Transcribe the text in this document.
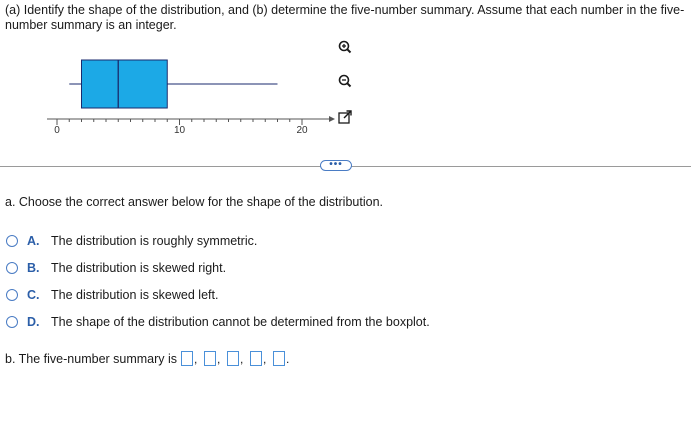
(a) Identify the shape of the distribution, and (b) determine the five-number summary. Assume that each number in the five-number summary is an integer.
0	10	20
•••
a. Choose the correct answer below for the shape of the distribution.
A. The distribution is roughly symmetric.
B. The distribution is skewed right.
C. The distribution is skewed left.
D. The shape of the distribution cannot be determined from the boxplot.
b. The five-number summary is ,	,	,	,	.
